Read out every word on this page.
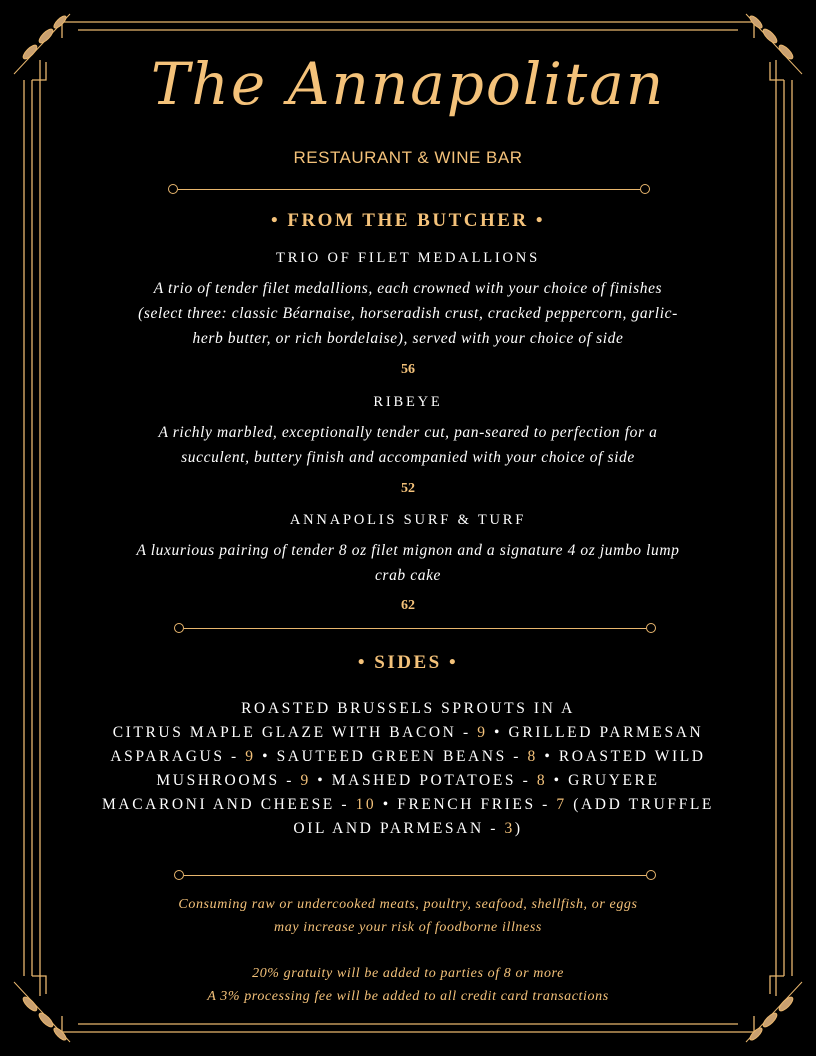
The Annapolitan
RESTAURANT & WINE BAR
• FROM THE BUTCHER •
TRIO OF FILET MEDALLIONS
A trio of tender filet medallions, each crowned with your choice of finishes
(select three: classic Béarnaise, horseradish crust, cracked peppercorn, garlic-
herb butter, or rich bordelaise), served with your choice of side
56
RIBEYE
A richly marbled, exceptionally tender cut, pan-seared to perfection for a
succulent, buttery finish and accompanied with your choice of side
52
ANNAPOLIS SURF & TURF
A luxurious pairing of tender 8 oz filet mignon and a signature 4 oz jumbo lump
crab cake
62
• SIDES •
ROASTED BRUSSELS SPROUTS IN A
CITRUS MAPLE GLAZE WITH BACON - 9 • GRILLED PARMESAN
ASPARAGUS - 9 • SAUTEED GREEN BEANS - 8 • ROASTED WILD
MUSHROOMS - 9 • MASHED POTATOES - 8 • GRUYERE
MACARONI AND CHEESE - 10 • FRENCH FRIES - 7 (ADD TRUFFLE
OIL AND PARMESAN - 3)
Consuming raw or undercooked meats, poultry, seafood, shellfish, or eggs
may increase your risk of foodborne illness
20% gratuity will be added to parties of 8 or more
A 3% processing fee will be added to all credit card transactions
